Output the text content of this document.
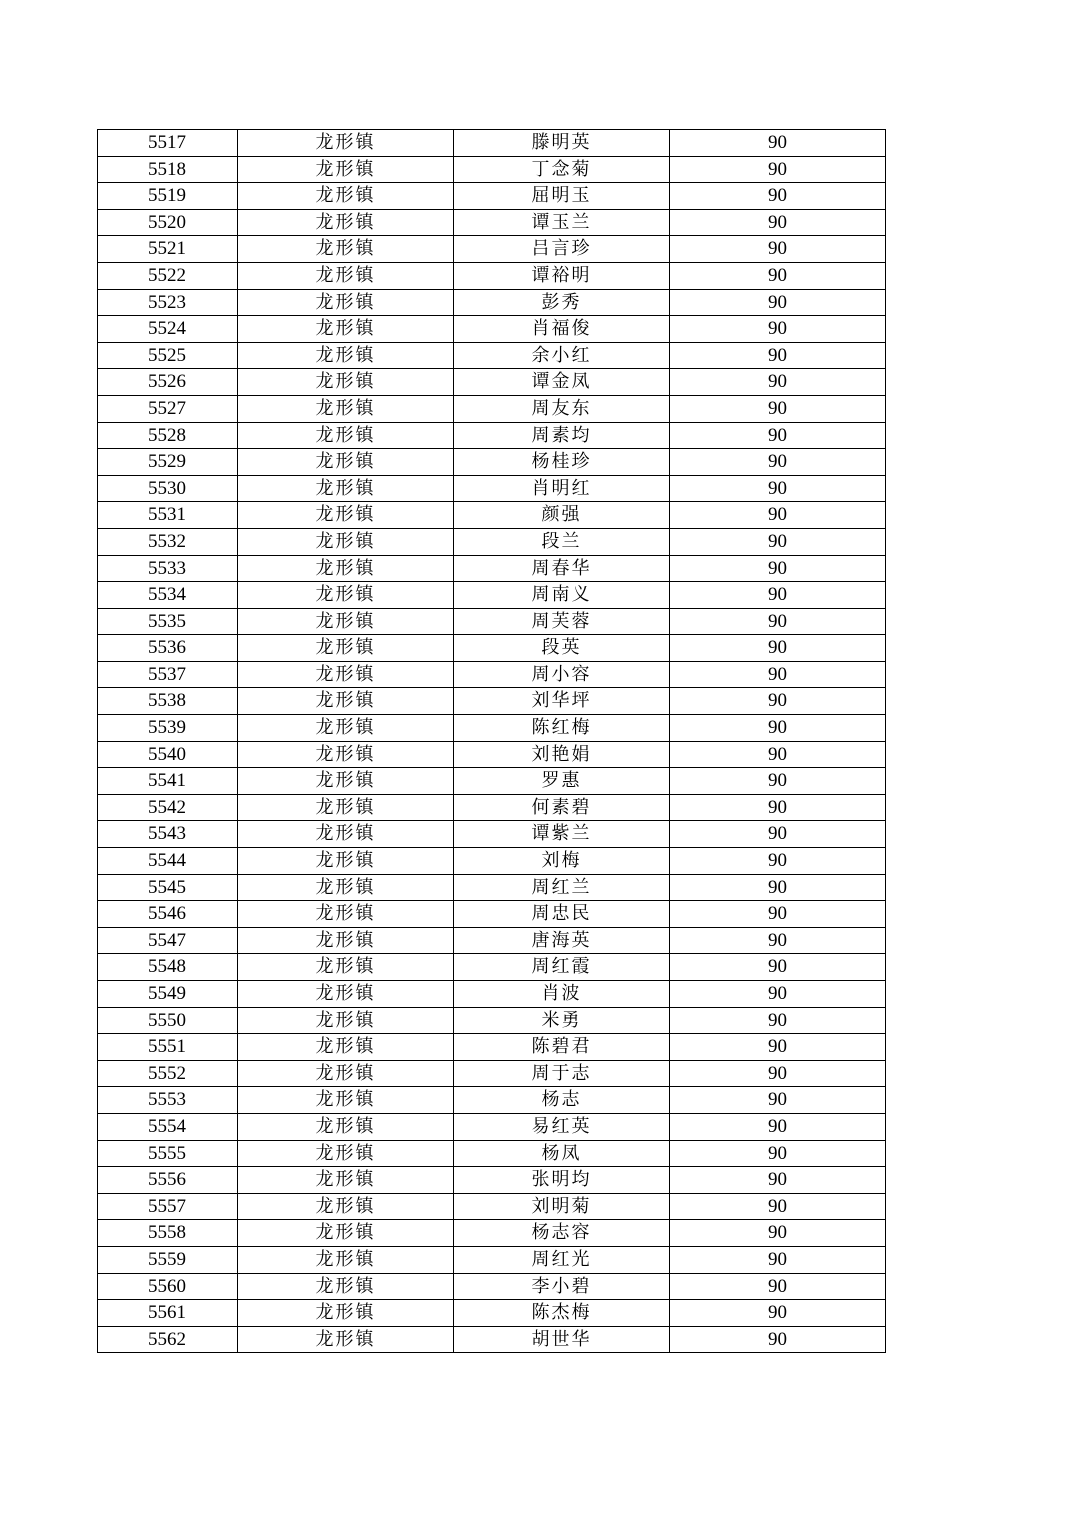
5517	龙形镇	滕明英	90
5518	龙形镇	丁念菊	90
5519	龙形镇	屈明玉	90
5520	龙形镇	谭玉兰	90
5521	龙形镇	吕言珍	90
5522	龙形镇	谭裕明	90
5523	龙形镇	彭秀	90
5524	龙形镇	肖福俊	90
5525	龙形镇	余小红	90
5526	龙形镇	谭金凤	90
5527	龙形镇	周友东	90
5528	龙形镇	周素均	90
5529	龙形镇	杨桂珍	90
5530	龙形镇	肖明红	90
5531	龙形镇	颜强	90
5532	龙形镇	段兰	90
5533	龙形镇	周春华	90
5534	龙形镇	周南义	90
5535	龙形镇	周芙蓉	90
5536	龙形镇	段英	90
5537	龙形镇	周小容	90
5538	龙形镇	刘华坪	90
5539	龙形镇	陈红梅	90
5540	龙形镇	刘艳娟	90
5541	龙形镇	罗惠	90
5542	龙形镇	何素碧	90
5543	龙形镇	谭紫兰	90
5544	龙形镇	刘梅	90
5545	龙形镇	周红兰	90
5546	龙形镇	周忠民	90
5547	龙形镇	唐海英	90
5548	龙形镇	周红霞	90
5549	龙形镇	肖波	90
5550	龙形镇	米勇	90
5551	龙形镇	陈碧君	90
5552	龙形镇	周于志	90
5553	龙形镇	杨志	90
5554	龙形镇	易红英	90
5555	龙形镇	杨凤	90
5556	龙形镇	张明均	90
5557	龙形镇	刘明菊	90
5558	龙形镇	杨志容	90
5559	龙形镇	周红光	90
5560	龙形镇	李小碧	90
5561	龙形镇	陈杰梅	90
5562	龙形镇	胡世华	90
